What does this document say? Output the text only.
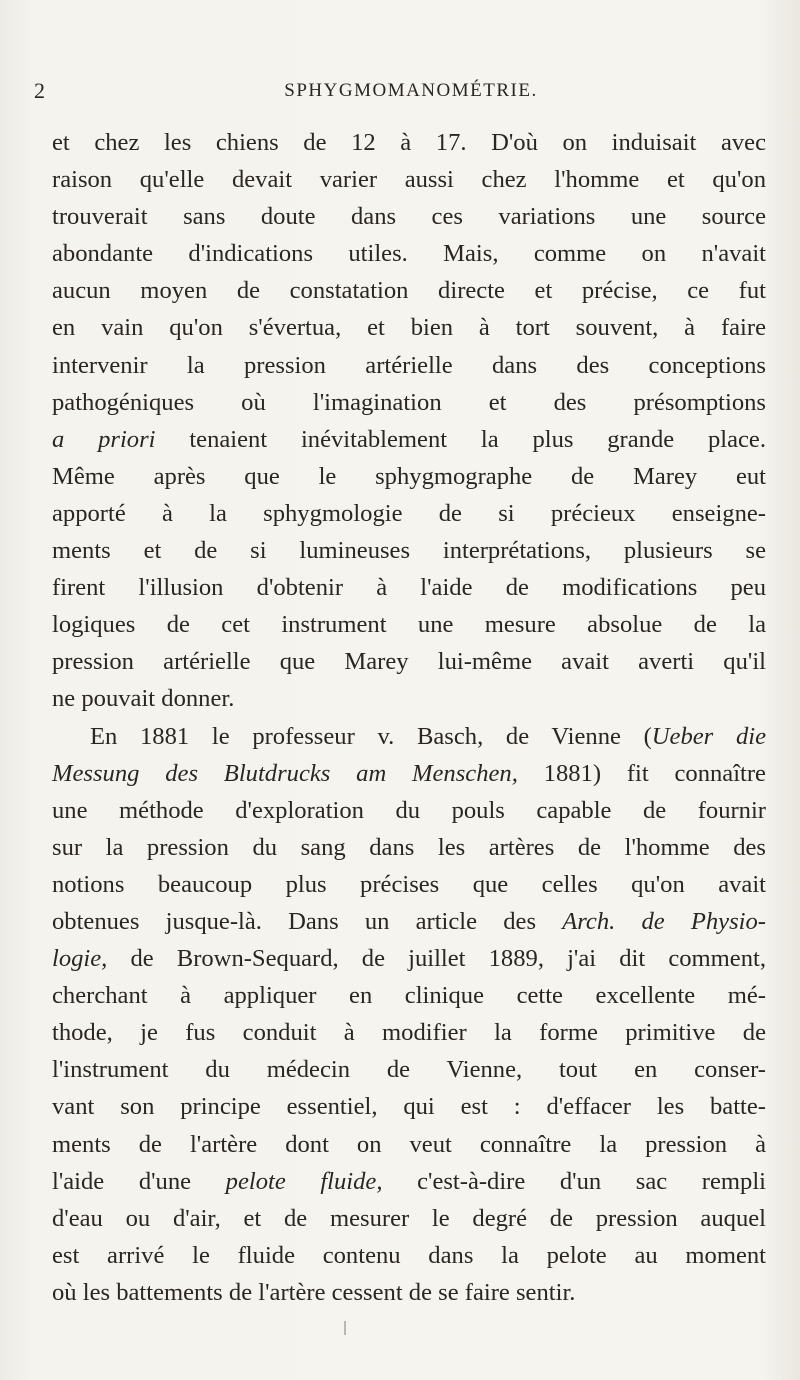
2	SPHYGMOMANOMÉTRIE.
et chez les chiens de 12 à 17. D'où on induisait avec
raison qu'elle devait varier aussi chez l'homme et qu'on
trouverait sans doute dans ces variations une source
abondante d'indications utiles. Mais, comme on n'avait
aucun moyen de constatation directe et précise, ce fut
en vain qu'on s'évertua, et bien à tort souvent, à faire
intervenir la pression artérielle dans des conceptions
pathogéniques où l'imagination et des présomptions
a priori tenaient inévitablement la plus grande place.
Même après que le sphygmographe de Marey eut
apporté à la sphygmologie de si précieux enseigne-
ments et de si lumineuses interprétations, plusieurs se
firent l'illusion d'obtenir à l'aide de modifications peu
logiques de cet instrument une mesure absolue de la
pression artérielle que Marey lui-même avait averti qu'il
ne pouvait donner.
En 1881 le professeur v. Basch, de Vienne (Ueber die
Messung des Blutdrucks am Menschen, 1881) fit connaître
une méthode d'exploration du pouls capable de fournir
sur la pression du sang dans les artères de l'homme des
notions beaucoup plus précises que celles qu'on avait
obtenues jusque-là. Dans un article des Arch. de Physio-
logie, de Brown-Sequard, de juillet 1889, j'ai dit comment,
cherchant à appliquer en clinique cette excellente mé-
thode, je fus conduit à modifier la forme primitive de
l'instrument du médecin de Vienne, tout en conser-
vant son principe essentiel, qui est : d'effacer les batte-
ments de l'artère dont on veut connaître la pression à
l'aide d'une pelote fluide, c'est-à-dire d'un sac rempli
d'eau ou d'air, et de mesurer le degré de pression auquel
est arrivé le fluide contenu dans la pelote au moment
où les battements de l'artère cessent de se faire sentir.
